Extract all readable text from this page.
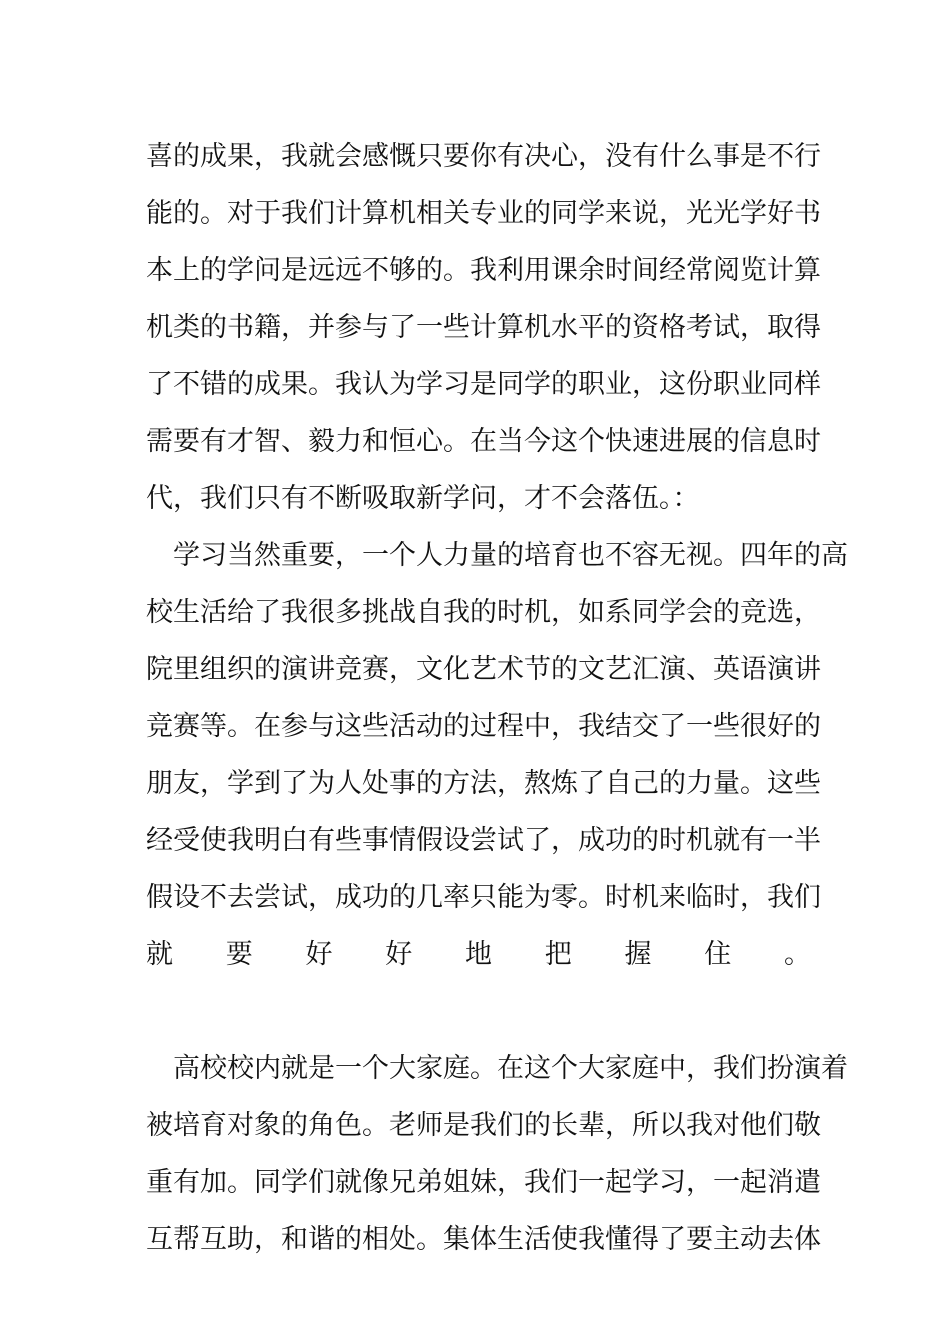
喜的成果，我就会感慨只要你有决心，没有什么事是不行
能的。对于我们计算机相关专业的同学来说，光光学好书
本上的学问是远远不够的。我利用课余时间经常阅览计算
机类的书籍，并参与了一些计算机水平的资格考试，取得
了不错的成果。我认为学习是同学的职业，这份职业同样
需要有才智、毅力和恒心。在当今这个快速进展的信息时
代，我们只有不断吸取新学问，才不会落伍。：
学习当然重要，一个人力量的培育也不容无视。四年的高
校生活给了我很多挑战自我的时机，如系同学会的竞选，
院里组织的演讲竞赛，文化艺术节的文艺汇演、英语演讲
竞赛等。在参与这些活动的过程中，我结交了一些很好的
朋友，学到了为人处事的方法，熬炼了自己的力量。这些
经受使我明白有些事情假设尝试了，成功的时机就有一半
假设不去尝试，成功的几率只能为零。时机来临时，我们
就要好好地把握住。
高校校内就是一个大家庭。在这个大家庭中，我们扮演着
被培育对象的角色。老师是我们的长辈，所以我对他们敬
重有加。同学们就像兄弟姐妹，我们一起学习，一起消遣
互帮互助，和谐的相处。集体生活使我懂得了要主动去体
